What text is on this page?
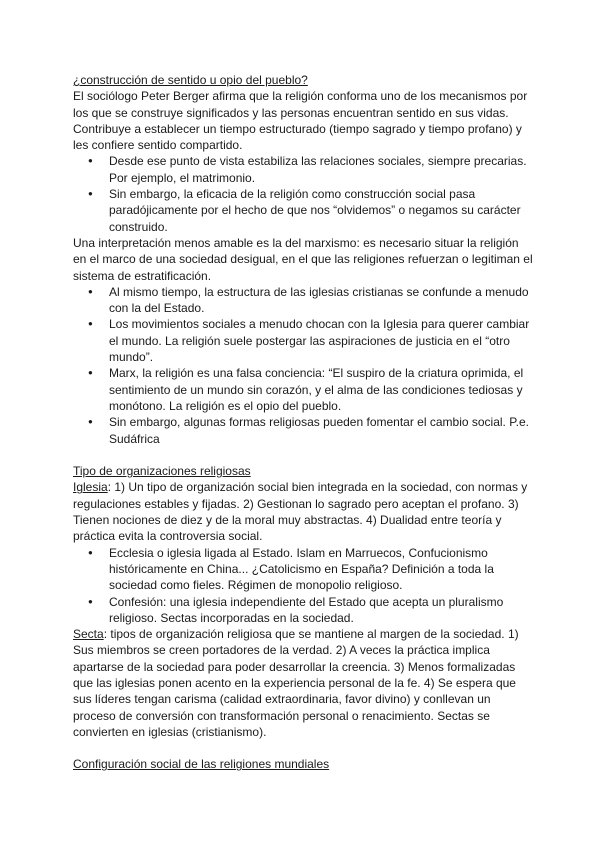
¿construcción de sentido u opio del pueblo?

El sociólogo Peter Berger afirma que la religión conforma uno de los mecanismos por los que se construye significados y las personas encuentran sentido en sus vidas. Contribuye a establecer un tiempo estructurado (tiempo sagrado y tiempo profano) y les confiere sentido compartido.

● Desde ese punto de vista estabiliza las relaciones sociales, siempre precarias. Por ejemplo, el matrimonio.
● Sin embargo, la eficacia de la religión como construcción social pasa paradójicamente por el hecho de que nos “olvidemos” o negamos su carácter construido.

Una interpretación menos amable es la del marxismo: es necesario situar la religión en el marco de una sociedad desigual, en el que las religiones refuerzan o legitiman el sistema de estratificación.

● Al mismo tiempo, la estructura de las iglesias cristianas se confunde a menudo con la del Estado.
● Los movimientos sociales a menudo chocan con la Iglesia para querer cambiar el mundo. La religión suele postergar las aspiraciones de justicia en el “otro mundo”.
● Marx, la religión es una falsa conciencia: “El suspiro de la criatura oprimida, el sentimiento de un mundo sin corazón, y el alma de las condiciones tediosas y monótono. La religión es el opio del pueblo.
● Sin embargo, algunas formas religiosas pueden fomentar el cambio social. P.e. Sudáfrica

Tipo de organizaciones religiosas

Iglesia: 1) Un tipo de organización social bien integrada en la sociedad, con normas y regulaciones estables y fijadas. 2) Gestionan lo sagrado pero aceptan el profano. 3) Tienen nociones de diez y de la moral muy abstractas. 4) Dualidad entre teoría y práctica evita la controversia social.

● Ecclesia o iglesia ligada al Estado. Islam en Marruecos, Confucionismo históricamente en China... ¿Catolicismo en España? Definición a toda la sociedad como fieles. Régimen de monopolio religioso.
● Confesión: una iglesia independiente del Estado que acepta un pluralismo religioso. Sectas incorporadas en la sociedad.

Secta: tipos de organización religiosa que se mantiene al margen de la sociedad. 1) Sus miembros se creen portadores de la verdad. 2) A veces la práctica implica apartarse de la sociedad para poder desarrollar la creencia. 3) Menos formalizadas que las iglesias ponen acento en la experiencia personal de la fe. 4) Se espera que sus líderes tengan carisma (calidad extraordinaria, favor divino) y conllevan un proceso de conversión con transformación personal o renacimiento. Sectas se convierten en iglesias (cristianismo).

Configuración social de las religiones mundiales
